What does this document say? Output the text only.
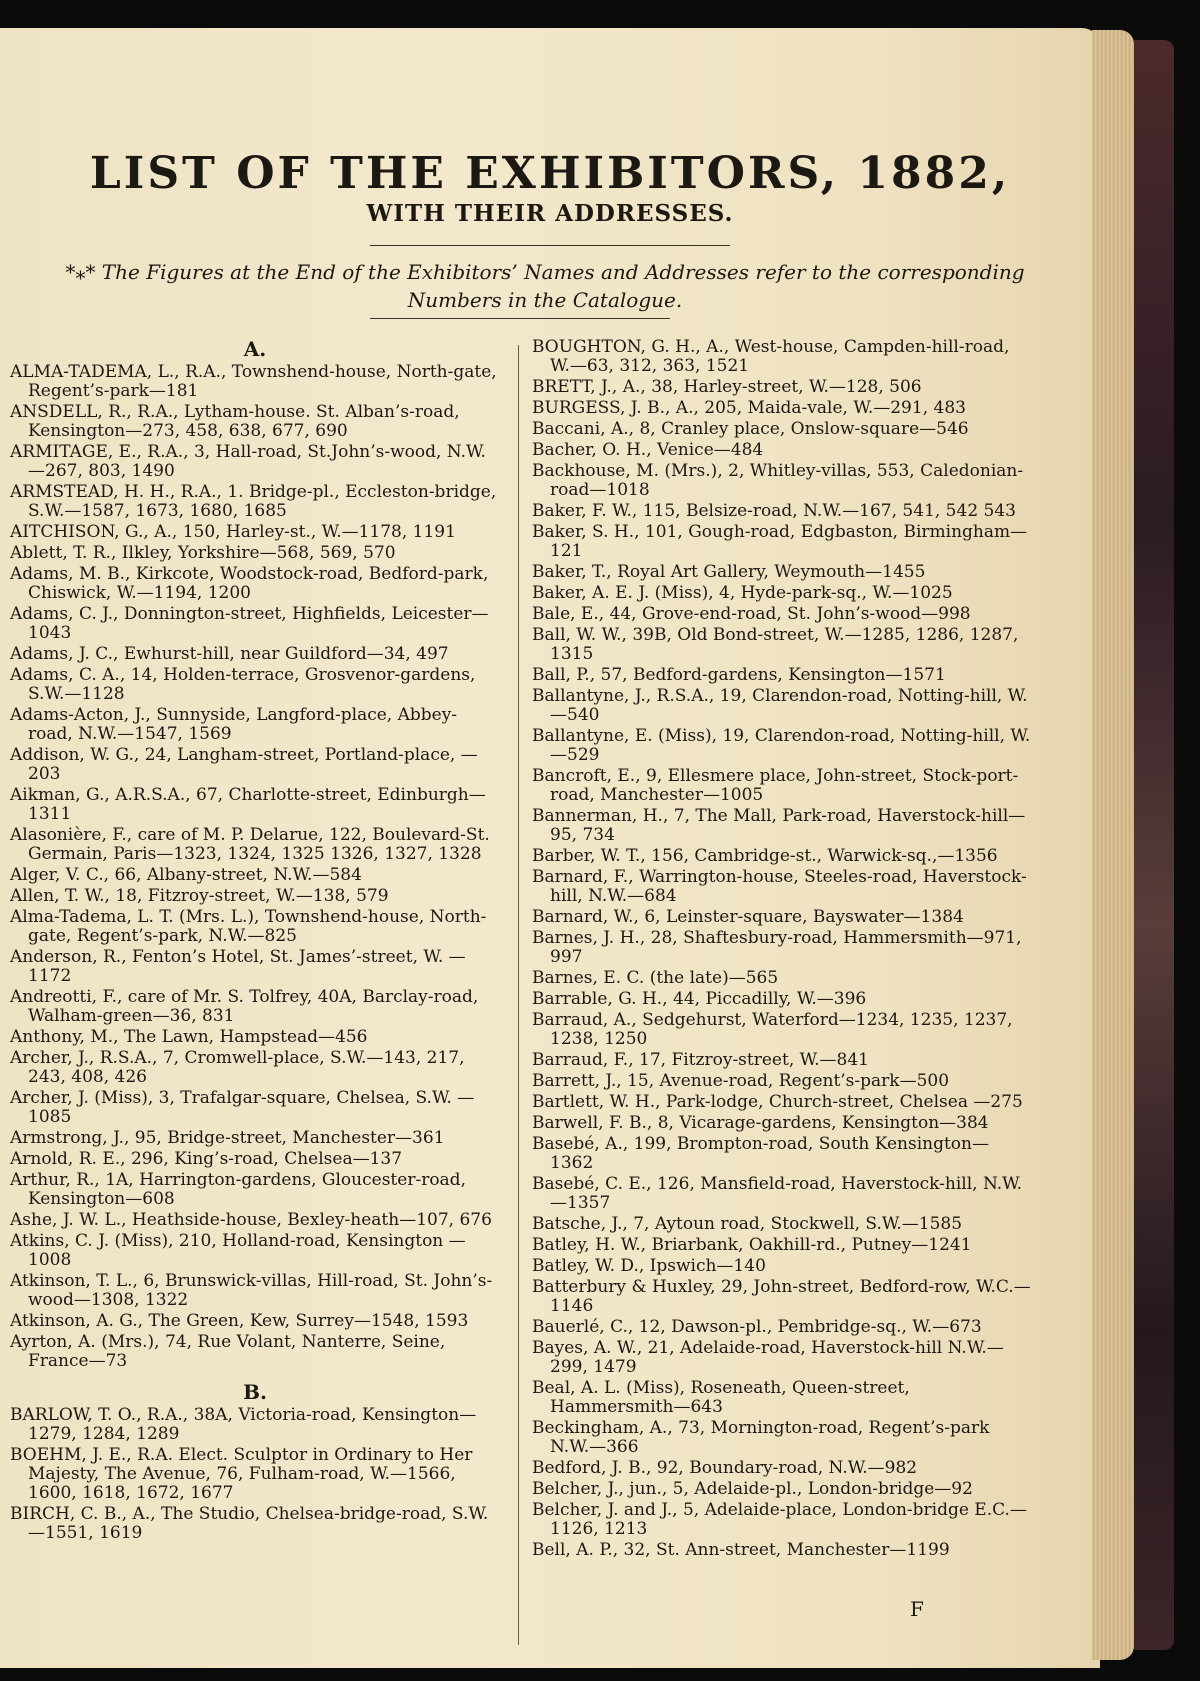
LIST OF THE EXHIBITORS, 1882,
WITH THEIR ADDRESSES.
*⁎* The Figures at the End of the Exhibitors’ Names and Addresses refer to the corresponding Numbers in the Catalogue.
A.
ALMA-TADEMA, L., R.A., Townshend-house, North-gate, Regent’s-park—181
ANSDELL, R., R.A., Lytham-house. St. Alban’s-road, Kensington—273, 458, 638, 677, 690
ARMITAGE, E., R.A., 3, Hall-road, St.John’s-wood, N.W.—267, 803, 1490
ARMSTEAD, H. H., R.A., 1. Bridge-pl., Eccleston-bridge, S.W.—1587, 1673, 1680, 1685
AITCHISON, G., A., 150, Harley-st., W.—1178, 1191
Ablett, T. R., Ilkley, Yorkshire—568, 569, 570
Adams, M. B., Kirkcote, Woodstock-road, Bedford-park, Chiswick, W.—1194, 1200
Adams, C. J., Donnington-street, Highfields, Leicester—1043
Adams, J. C., Ewhurst-hill, near Guildford—34, 497
Adams, C. A., 14, Holden-terrace, Grosvenor-gardens, S.W.—1128
Adams-Acton, J., Sunnyside, Langford-place, Abbey-road, N.W.—1547, 1569
Addison, W. G., 24, Langham-street, Portland-place, —203
Aikman, G., A.R.S.A., 67, Charlotte-street, Edinburgh—1311
Alasonière, F., care of M. P. Delarue, 122, Boulevard-St. Germain, Paris—1323, 1324, 1325 1326, 1327, 1328
Alger, V. C., 66, Albany-street, N.W.—584
Allen, T. W., 18, Fitzroy-street, W.—138, 579
Alma-Tadema, L. T. (Mrs. L.), Townshend-house, North-gate, Regent’s-park, N.W.—825
Anderson, R., Fenton’s Hotel, St. James’-street, W. —1172
Andreotti, F., care of Mr. S. Tolfrey, 40A, Barclay-road, Walham-green—36, 831
Anthony, M., The Lawn, Hampstead—456
Archer, J., R.S.A., 7, Cromwell-place, S.W.—143, 217, 243, 408, 426
Archer, J. (Miss), 3, Trafalgar-square, Chelsea, S.W. —1085
Armstrong, J., 95, Bridge-street, Manchester—361
Arnold, R. E., 296, King’s-road, Chelsea—137
Arthur, R., 1A, Harrington-gardens, Gloucester-road, Kensington—608
Ashe, J. W. L., Heathside-house, Bexley-heath—107, 676
Atkins, C. J. (Miss), 210, Holland-road, Kensington —1008
Atkinson, T. L., 6, Brunswick-villas, Hill-road, St. John’s-wood—1308, 1322
Atkinson, A. G., The Green, Kew, Surrey—1548, 1593
Ayrton, A. (Mrs.), 74, Rue Volant, Nanterre, Seine, France—73
B.
BARLOW, T. O., R.A., 38A, Victoria-road, Kensington—1279, 1284, 1289
BOEHM, J. E., R.A. Elect. Sculptor in Ordinary to Her Majesty, The Avenue, 76, Fulham-road, W.—1566, 1600, 1618, 1672, 1677
BIRCH, C. B., A., The Studio, Chelsea-bridge-road, S.W.—1551, 1619
BOUGHTON, G. H., A., West-house, Campden-hill-road, W.—63, 312, 363, 1521
BRETT, J., A., 38, Harley-street, W.—128, 506
BURGESS, J. B., A., 205, Maida-vale, W.—291, 483
Baccani, A., 8, Cranley place, Onslow-square—546
Bacher, O. H., Venice—484
Backhouse, M. (Mrs.), 2, Whitley-villas, 553, Caledonian-road—1018
Baker, F. W., 115, Belsize-road, N.W.—167, 541, 542 543
Baker, S. H., 101, Gough-road, Edgbaston, Birmingham—121
Baker, T., Royal Art Gallery, Weymouth—1455
Baker, A. E. J. (Miss), 4, Hyde-park-sq., W.—1025
Bale, E., 44, Grove-end-road, St. John’s-wood—998
Ball, W. W., 39B, Old Bond-street, W.—1285, 1286, 1287, 1315
Ball, P., 57, Bedford-gardens, Kensington—1571
Ballantyne, J., R.S.A., 19, Clarendon-road, Notting-hill, W.—540
Ballantyne, E. (Miss), 19, Clarendon-road, Notting-hill, W.—529
Bancroft, E., 9, Ellesmere place, John-street, Stock-port-road, Manchester—1005
Bannerman, H., 7, The Mall, Park-road, Haverstock-hill—95, 734
Barber, W. T., 156, Cambridge-st., Warwick-sq.,—1356
Barnard, F., Warrington-house, Steeles-road, Haverstock-hill, N.W.—684
Barnard, W., 6, Leinster-square, Bayswater—1384
Barnes, J. H., 28, Shaftesbury-road, Hammersmith—971, 997
Barnes, E. C. (the late)—565
Barrable, G. H., 44, Piccadilly, W.—396
Barraud, A., Sedgehurst, Waterford—1234, 1235, 1237, 1238, 1250
Barraud, F., 17, Fitzroy-street, W.—841
Barrett, J., 15, Avenue-road, Regent’s-park—500
Bartlett, W. H., Park-lodge, Church-street, Chelsea —275
Barwell, F. B., 8, Vicarage-gardens, Kensington—384
Basebé, A., 199, Brompton-road, South Kensington—1362
Basebé, C. E., 126, Mansfield-road, Haverstock-hill, N.W.—1357
Batsche, J., 7, Aytoun road, Stockwell, S.W.—1585
Batley, H. W., Briarbank, Oakhill-rd., Putney—1241
Batley, W. D., Ipswich—140
Batterbury & Huxley, 29, John-street, Bedford-row, W.C.—1146
Bauerlé, C., 12, Dawson-pl., Pembridge-sq., W.—673
Bayes, A. W., 21, Adelaide-road, Haverstock-hill N.W.—299, 1479
Beal, A. L. (Miss), Roseneath, Queen-street, Hammersmith—643
Beckingham, A., 73, Mornington-road, Regent’s-park N.W.—366
Bedford, J. B., 92, Boundary-road, N.W.—982
Belcher, J., jun., 5, Adelaide-pl., London-bridge—92
Belcher, J. and J., 5, Adelaide-place, London-bridge E.C.—1126, 1213
Bell, A. P., 32, St. Ann-street, Manchester—1199
F
